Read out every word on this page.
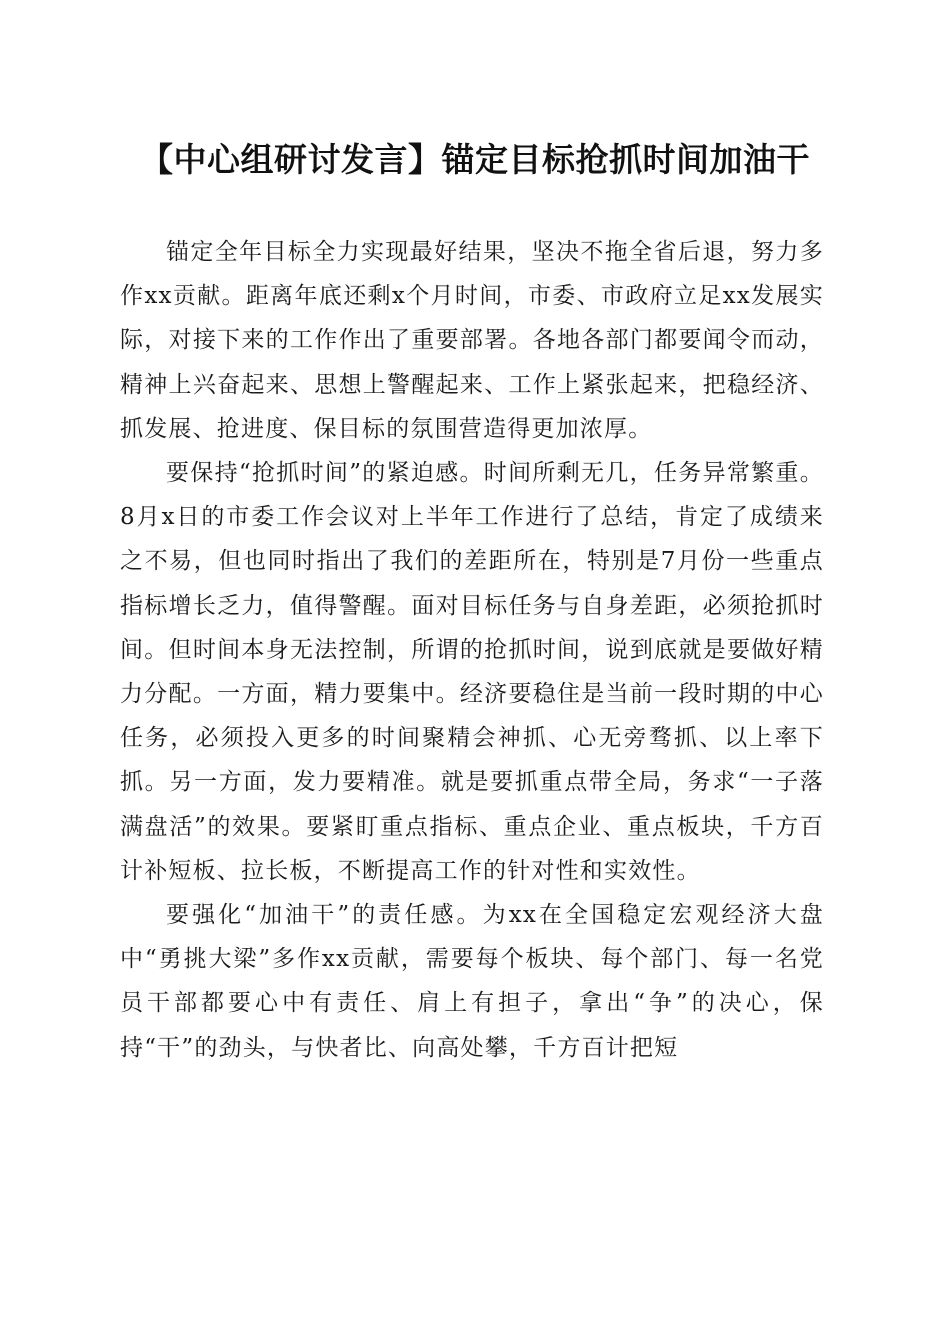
【中心组研讨发言】锚定目标抢抓时间加油干

锚定全年目标全力实现最好结果，坚决不拖全省后退，努力多作xx贡献。距离年底还剩x个月时间，市委、市政府立足xx发展实际，对接下来的工作作出了重要部署。各地各部门都要闻令而动，精神上兴奋起来、思想上警醒起来、工作上紧张起来，把稳经济、抓发展、抢进度、保目标的氛围营造得更加浓厚。

要保持“抢抓时间”的紧迫感。时间所剩无几，任务异常繁重。8月x日的市委工作会议对上半年工作进行了总结，肯定了成绩来之不易，但也同时指出了我们的差距所在，特别是7月份一些重点指标增长乏力，值得警醒。面对目标任务与自身差距，必须抢抓时间。但时间本身无法控制，所谓的抢抓时间，说到底就是要做好精力分配。一方面，精力要集中。经济要稳住是当前一段时期的中心任务，必须投入更多的时间聚精会神抓、心无旁骛抓、以上率下抓。另一方面，发力要精准。就是要抓重点带全局，务求“一子落满盘活”的效果。要紧盯重点指标、重点企业、重点板块，千方百计补短板、拉长板，不断提高工作的针对性和实效性。

要强化“加油干”的责任感。为xx在全国稳定宏观经济大盘中“勇挑大梁”多作xx贡献，需要每个板块、每个部门、每一名党员干部都要心中有责任、肩上有担子，拿出“争”的决心，保持“干”的劲头，与快者比、向高处攀，千方百计把短
